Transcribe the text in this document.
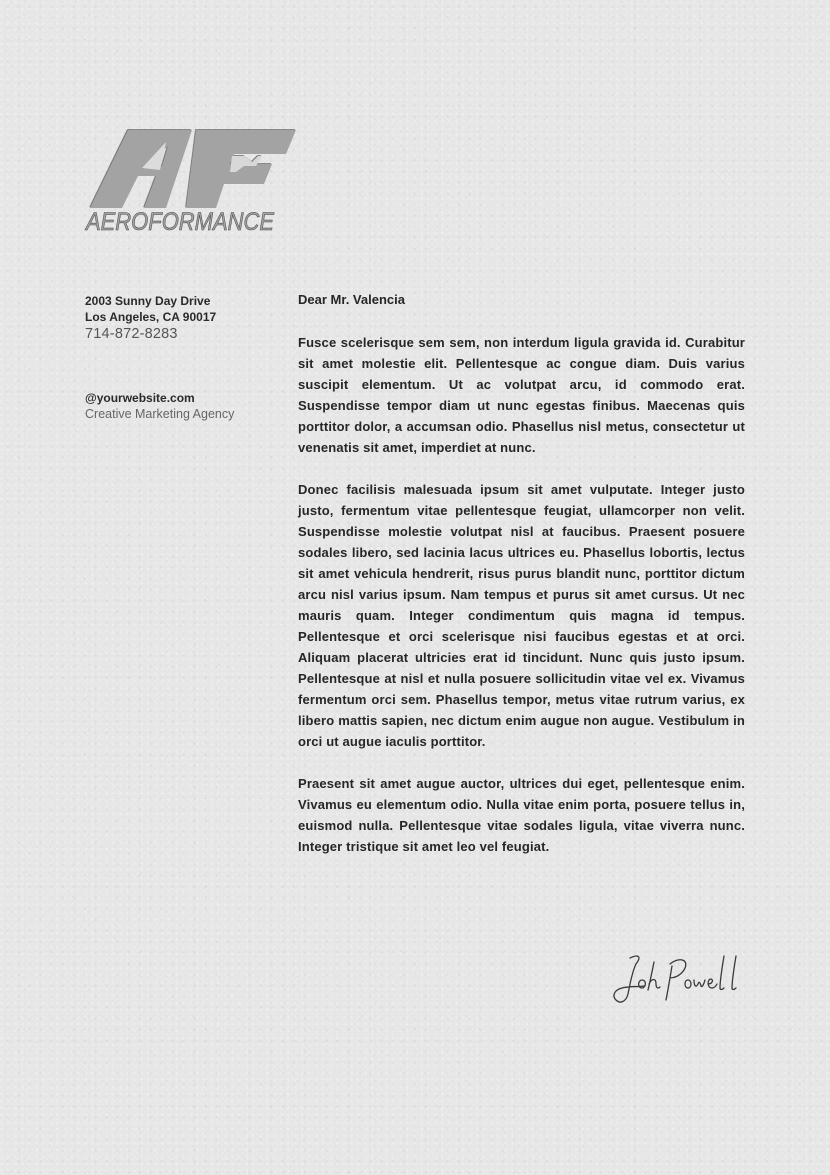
AEROFORMANCE
2003 Sunny Day Drive
Los Angeles, CA 90017
714-872-8283
@yourwebsite.com
Creative Marketing Agency
Dear Mr. Valencia

Fusce scelerisque sem sem, non interdum ligula gravida id. Curabitur sit amet molestie elit. Pellentesque ac congue diam. Duis varius suscipit elementum. Ut ac volutpat arcu, id commodo erat. Suspendisse tempor diam ut nunc egestas finibus. Maecenas quis porttitor dolor, a accumsan odio. Phasellus nisl metus, consectetur ut venenatis sit amet, imperdiet at nunc.

Donec facilisis malesuada ipsum sit amet vulputate. Integer justo justo, fermentum vitae pellentesque feugiat, ullamcorper non velit. Suspendisse molestie volutpat nisl at faucibus. Praesent posuere sodales libero, sed lacinia lacus ultrices eu. Phasellus lobortis, lectus sit amet vehicula hendrerit, risus purus blandit nunc, porttitor dictum arcu nisl varius ipsum. Nam tempus et purus sit amet cursus. Ut nec mauris quam. Integer condimentum quis magna id tempus. Pellentesque et orci scelerisque nisi faucibus egestas et at orci. Aliquam placerat ultricies erat id tincidunt. Nunc quis justo ipsum. Pellentesque at nisl et nulla posuere sollicitudin vitae vel ex. Vivamus fermentum orci sem. Phasellus tempor, metus vitae rutrum varius, ex libero mattis sapien, nec dictum enim augue non augue. Vestibulum in orci ut augue iaculis porttitor.

Praesent sit amet augue auctor, ultrices dui eget, pellentesque enim. Vivamus eu elementum odio. Nulla vitae enim porta, posuere tellus in, euismod nulla. Pellentesque vitae sodales ligula, vitae viverra nunc. Integer tristique sit amet leo vel feugiat.
